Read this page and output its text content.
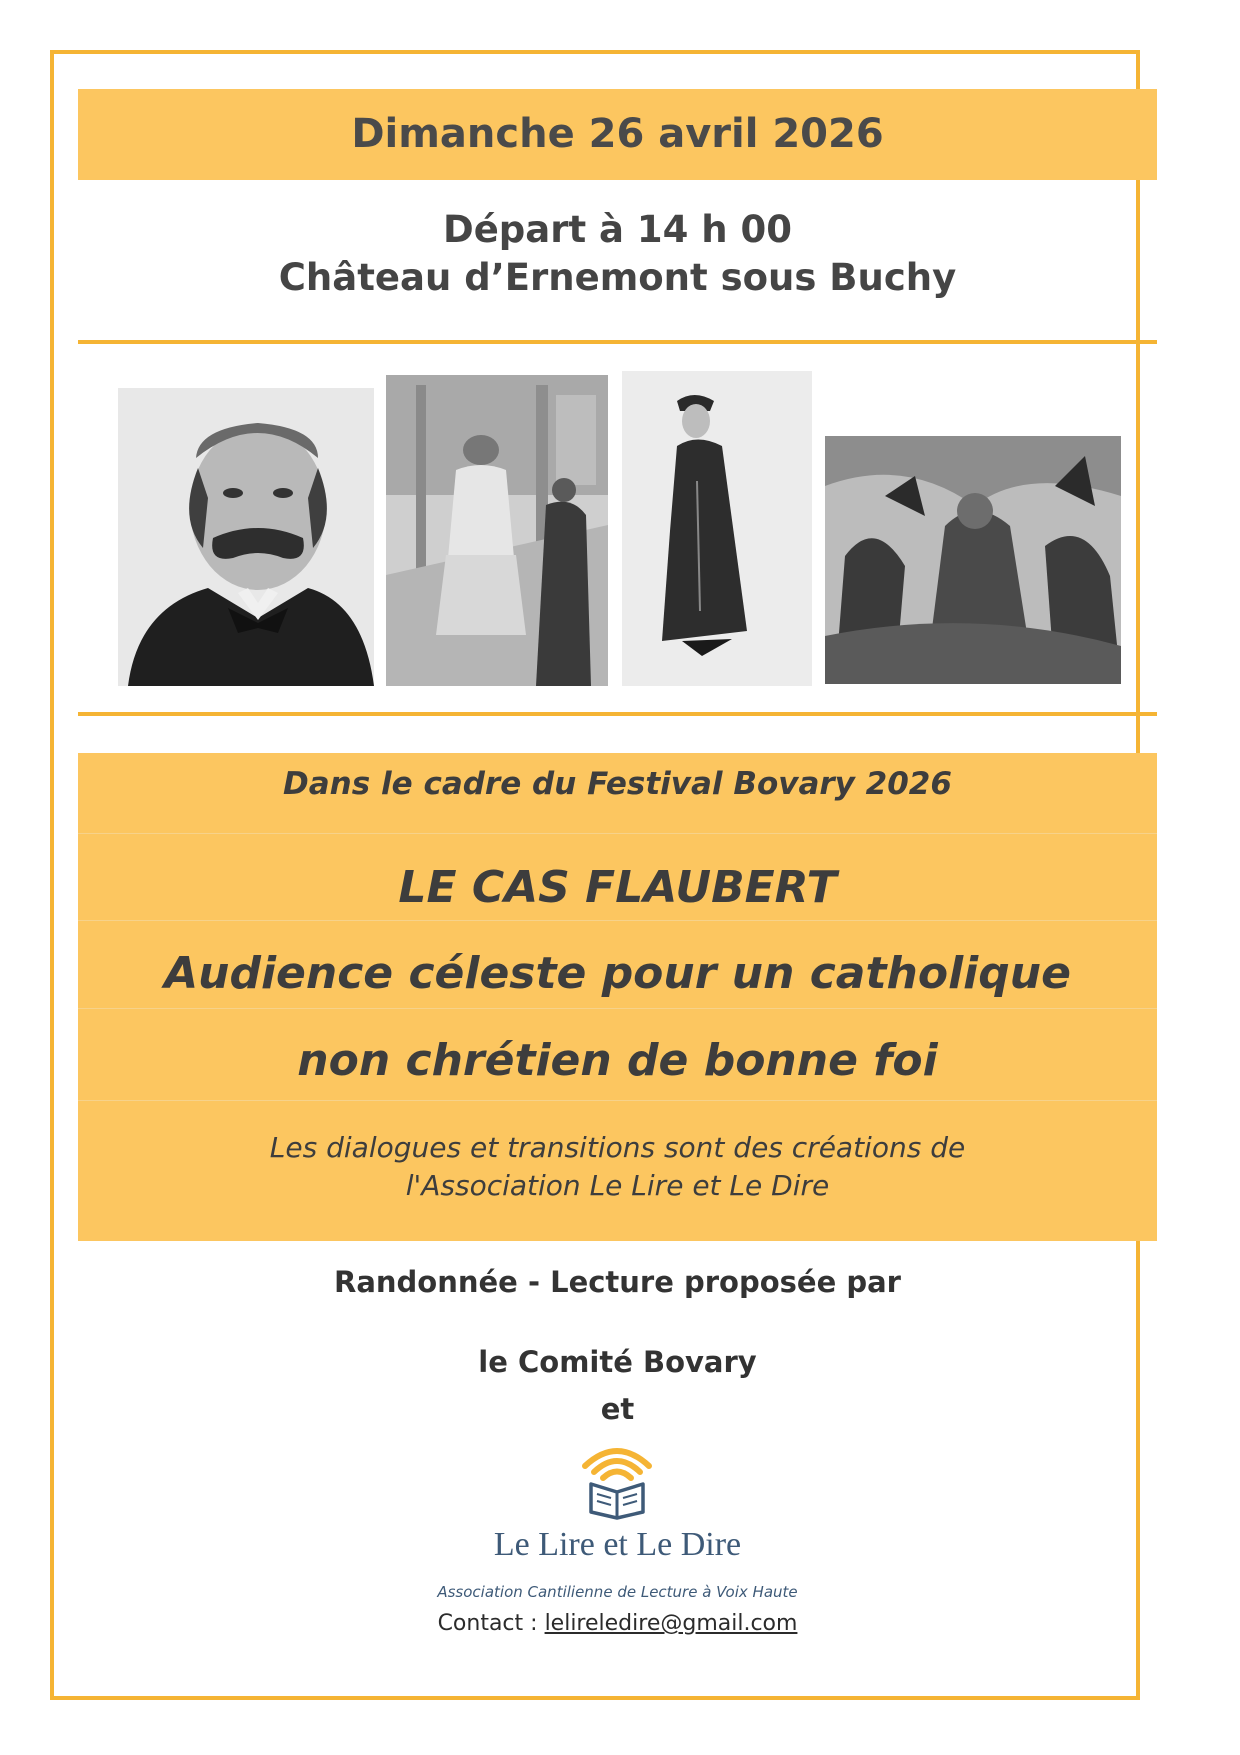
Dimanche 26 avril 2026
Départ à 14 h 00
Château d’Ernemont sous Buchy
Dans le cadre du Festival Bovary 2026
LE CAS FLAUBERT
Audience céleste pour un catholique
non chrétien de bonne foi
Les dialogues et transitions sont des créations de
l'Association Le Lire et Le Dire
Randonnée - Lecture proposée par
le Comité Bovary
et
Le Lire et Le Dire
Association Cantilienne de Lecture à Voix Haute
Contact : lelireledire@gmail.com
